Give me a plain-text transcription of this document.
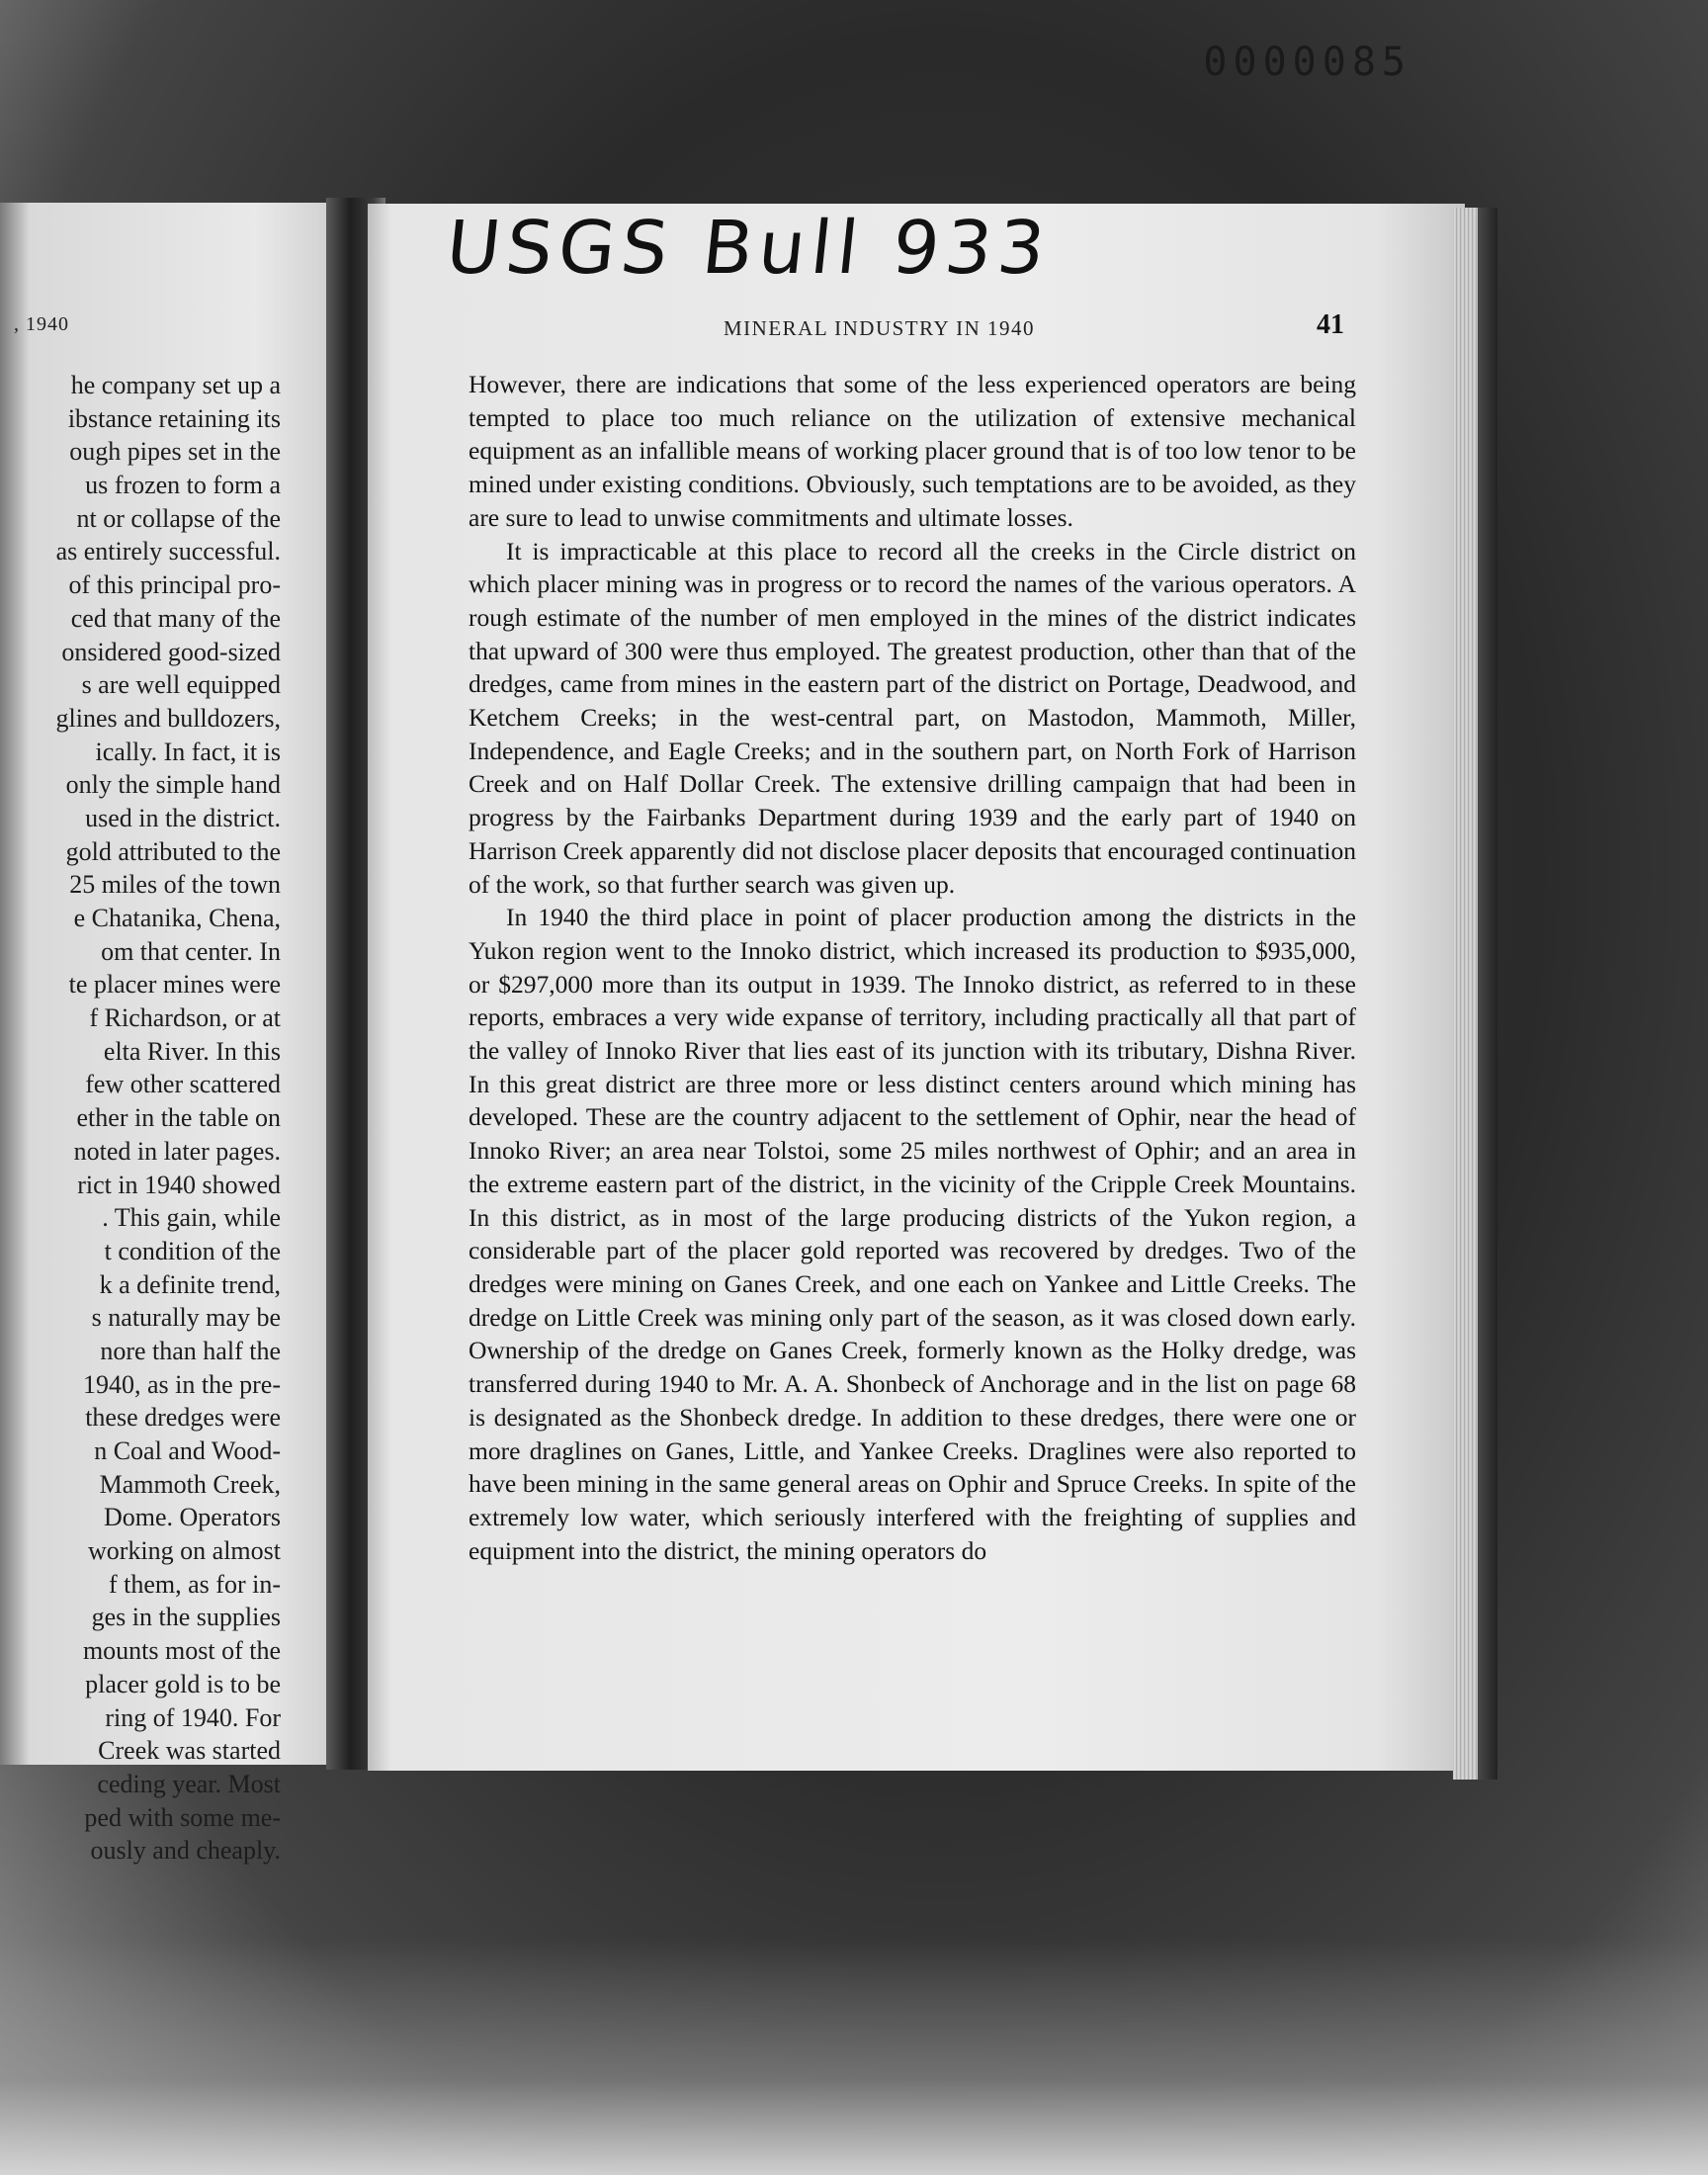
0000085
, 1940
he company set up a
ibstance retaining its
ough pipes set in the
us frozen to form a
nt or collapse of the
as entirely successful.
of this principal pro-
ced that many of the
onsidered good-sized
s are well equipped
glines and bulldozers,
ically. In fact, it is
only the simple hand
used in the district.
gold attributed to the
25 miles of the town
e Chatanika, Chena,
om that center. In
te placer mines were
f Richardson, or at
elta River. In this
few other scattered
ether in the table on
noted in later pages.
rict in 1940 showed
. This gain, while
t condition of the
k a definite trend,
s naturally may be
nore than half the
1940, as in the pre-
these dredges were
n Coal and Wood-
Mammoth Creek,
Dome. Operators
working on almost
f them, as for in-
ges in the supplies
mounts most of the
placer gold is to be
ring of 1940. For
Creek was started
ceding year. Most
ped with some me-
ously and cheaply.
USGS Bull 933
MINERAL INDUSTRY IN 1940	41

However, there are indications that some of the less experienced operators are being tempted to place too much reliance on the utilization of extensive mechanical equipment as an infallible means of working placer ground that is of too low tenor to be mined under existing conditions. Obviously, such temptations are to be avoided, as they are sure to lead to unwise commitments and ultimate losses.

It is impracticable at this place to record all the creeks in the Circle district on which placer mining was in progress or to record the names of the various operators. A rough estimate of the number of men employed in the mines of the district indicates that upward of 300 were thus employed. The greatest production, other than that of the dredges, came from mines in the eastern part of the district on Portage, Deadwood, and Ketchem Creeks; in the west-central part, on Mastodon, Mammoth, Miller, Independence, and Eagle Creeks; and in the southern part, on North Fork of Harrison Creek and on Half Dollar Creek. The extensive drilling campaign that had been in progress by the Fairbanks Department during 1939 and the early part of 1940 on Harrison Creek apparently did not disclose placer deposits that encouraged continuation of the work, so that further search was given up.

In 1940 the third place in point of placer production among the districts in the Yukon region went to the Innoko district, which increased its production to $935,000, or $297,000 more than its output in 1939. The Innoko district, as referred to in these reports, embraces a very wide expanse of territory, including practically all that part of the valley of Innoko River that lies east of its junction with its tributary, Dishna River. In this great district are three more or less distinct centers around which mining has developed. These are the country adjacent to the settlement of Ophir, near the head of Innoko River; an area near Tolstoi, some 25 miles northwest of Ophir; and an area in the extreme eastern part of the district, in the vicinity of the Cripple Creek Mountains. In this district, as in most of the large producing districts of the Yukon region, a considerable part of the placer gold reported was recovered by dredges. Two of the dredges were mining on Ganes Creek, and one each on Yankee and Little Creeks. The dredge on Little Creek was mining only part of the season, as it was closed down early. Ownership of the dredge on Ganes Creek, formerly known as the Holky dredge, was transferred during 1940 to Mr. A. A. Shonbeck of Anchorage and in the list on page 68 is designated as the Shonbeck dredge. In addition to these dredges, there were one or more draglines on Ganes, Little, and Yankee Creeks. Draglines were also reported to have been mining in the same general areas on Ophir and Spruce Creeks. In spite of the extremely low water, which seriously interfered with the freighting of supplies and equipment into the district, the mining operators do
